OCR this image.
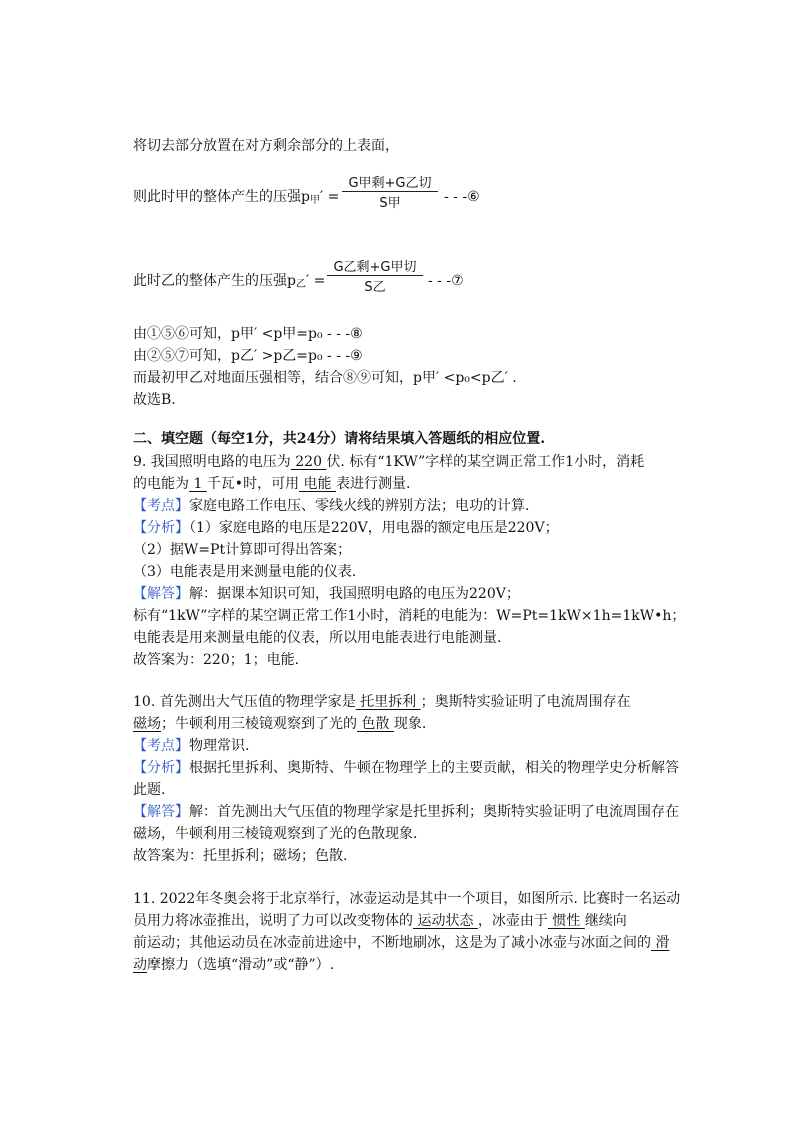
将切去部分放置在对方剩余部分的上表面，
则此时甲的整体产生的压强$p_甲'$ =
G甲剩+G乙切
S甲	- - -⑥
此时乙的整体产生的压强$p_乙'$ =
G乙剩+G甲切
S乙	- - -⑦
由①⑤⑥可知，p甲′ <p甲=p₀ - - -⑧
由②⑤⑦可知，p乙′ >p乙=p₀ - - -⑨
而最初甲乙对地面压强相等，结合⑧⑨可知，p甲′ <p₀<p乙′ .
故选B.
二、填空题（每空1分，共24分）请将结果填入答题纸的相应位置.
9. 我国照明电路的电压为 220 伏. 标有“1KW”字样的某空调正常工作1小时，消耗
的电能为 1 千瓦•时，可用 电能 表进行测量.
【考点】家庭电路工作电压、零线火线的辨别方法；电功的计算.
【分析】（1）家庭电路的电压是220V，用电器的额定电压是220V；
（2）据W=Pt计算即可得出答案；
（3）电能表是用来测量电能的仪表.
【解答】解：据课本知识可知，我国照明电路的电压为220V；
标有“1kW”字样的某空调正常工作1小时，消耗的电能为：W=Pt=1kW×1h=1kW•h；
电能表是用来测量电能的仪表，所以用电能表进行电能测量.
故答案为：220；1；电能.
10. 首先测出大气压值的物理学家是 托里拆利 ；奥斯特实验证明了电流周围存在
磁场；牛顿利用三棱镜观察到了光的 色散 现象.
【考点】物理常识.
【分析】根据托里拆利、奥斯特、牛顿在物理学上的主要贡献，相关的物理学史分析解答
此题.
【解答】解：首先测出大气压值的物理学家是托里拆利；奥斯特实验证明了电流周围存在
磁场，牛顿利用三棱镜观察到了光的色散现象.
故答案为：托里拆利；磁场；色散.
11. 2022年冬奥会将于北京举行，冰壶运动是其中一个项目，如图所示. 比赛时一名运动
员用力将冰壶推出，说明了力可以改变物体的 运动状态 ，冰壶由于 惯性 继续向
前运动；其他运动员在冰壶前进途中，不断地刷冰，这是为了减小冰壶与冰面之间的 滑
动摩擦力（选填“滑动”或“静”）.
